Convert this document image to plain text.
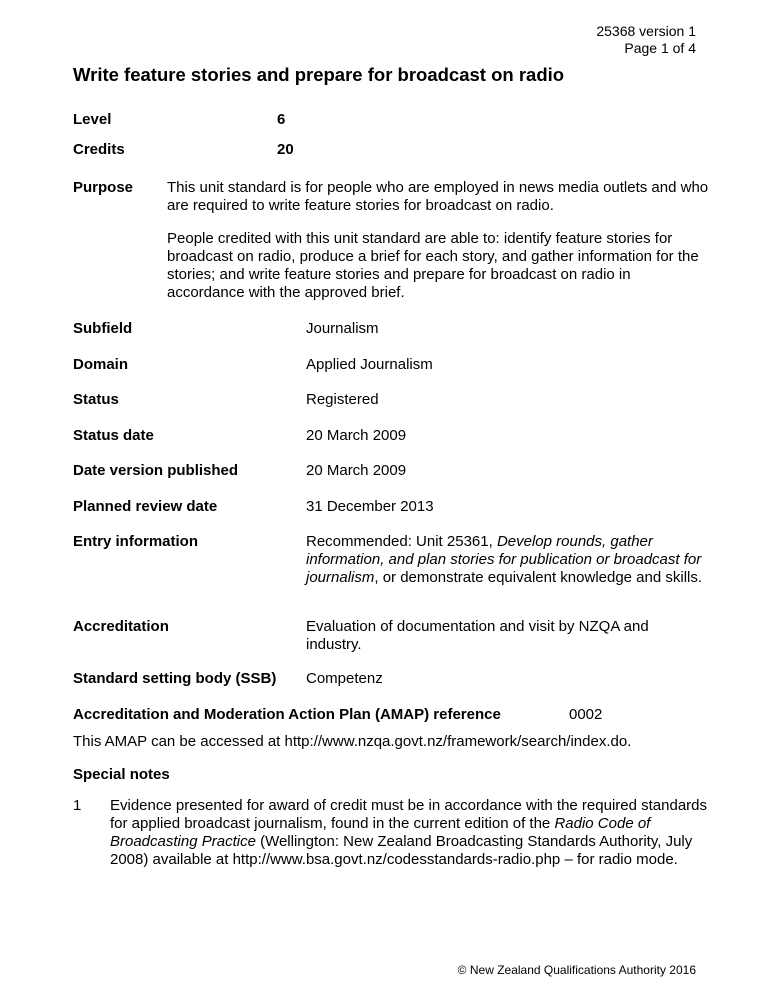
25368 version 1
Page 1 of 4
Write feature stories and prepare for broadcast on radio
Level	6
Credits	20
Purpose This unit standard is for people who are employed in news media outlets and who are required to write feature stories for broadcast on radio.
People credited with this unit standard are able to: identify feature stories for broadcast on radio, produce a brief for each story, and gather information for the stories; and write feature stories and prepare for broadcast on radio in accordance with the approved brief.
Subfield	Journalism
Domain	Applied Journalism
Status	Registered
Status date	20 March 2009
Date version published	20 March 2009
Planned review date	31 December 2013
Entry information	Recommended: Unit 25361, Develop rounds, gather information, and plan stories for publication or broadcast for journalism, or demonstrate equivalent knowledge and skills.
Accreditation	Evaluation of documentation and visit by NZQA and industry.
Standard setting body (SSB) Competenz
Accreditation and Moderation Action Plan (AMAP) reference	0002
This AMAP can be accessed at http://www.nzqa.govt.nz/framework/search/index.do.
Special notes
1 Evidence presented for award of credit must be in accordance with the required standards for applied broadcast journalism, found in the current edition of the Radio Code of Broadcasting Practice (Wellington: New Zealand Broadcasting Standards Authority, July 2008) available at http://www.bsa.govt.nz/codesstandards-radio.php – for radio mode.
© New Zealand Qualifications Authority 2016
